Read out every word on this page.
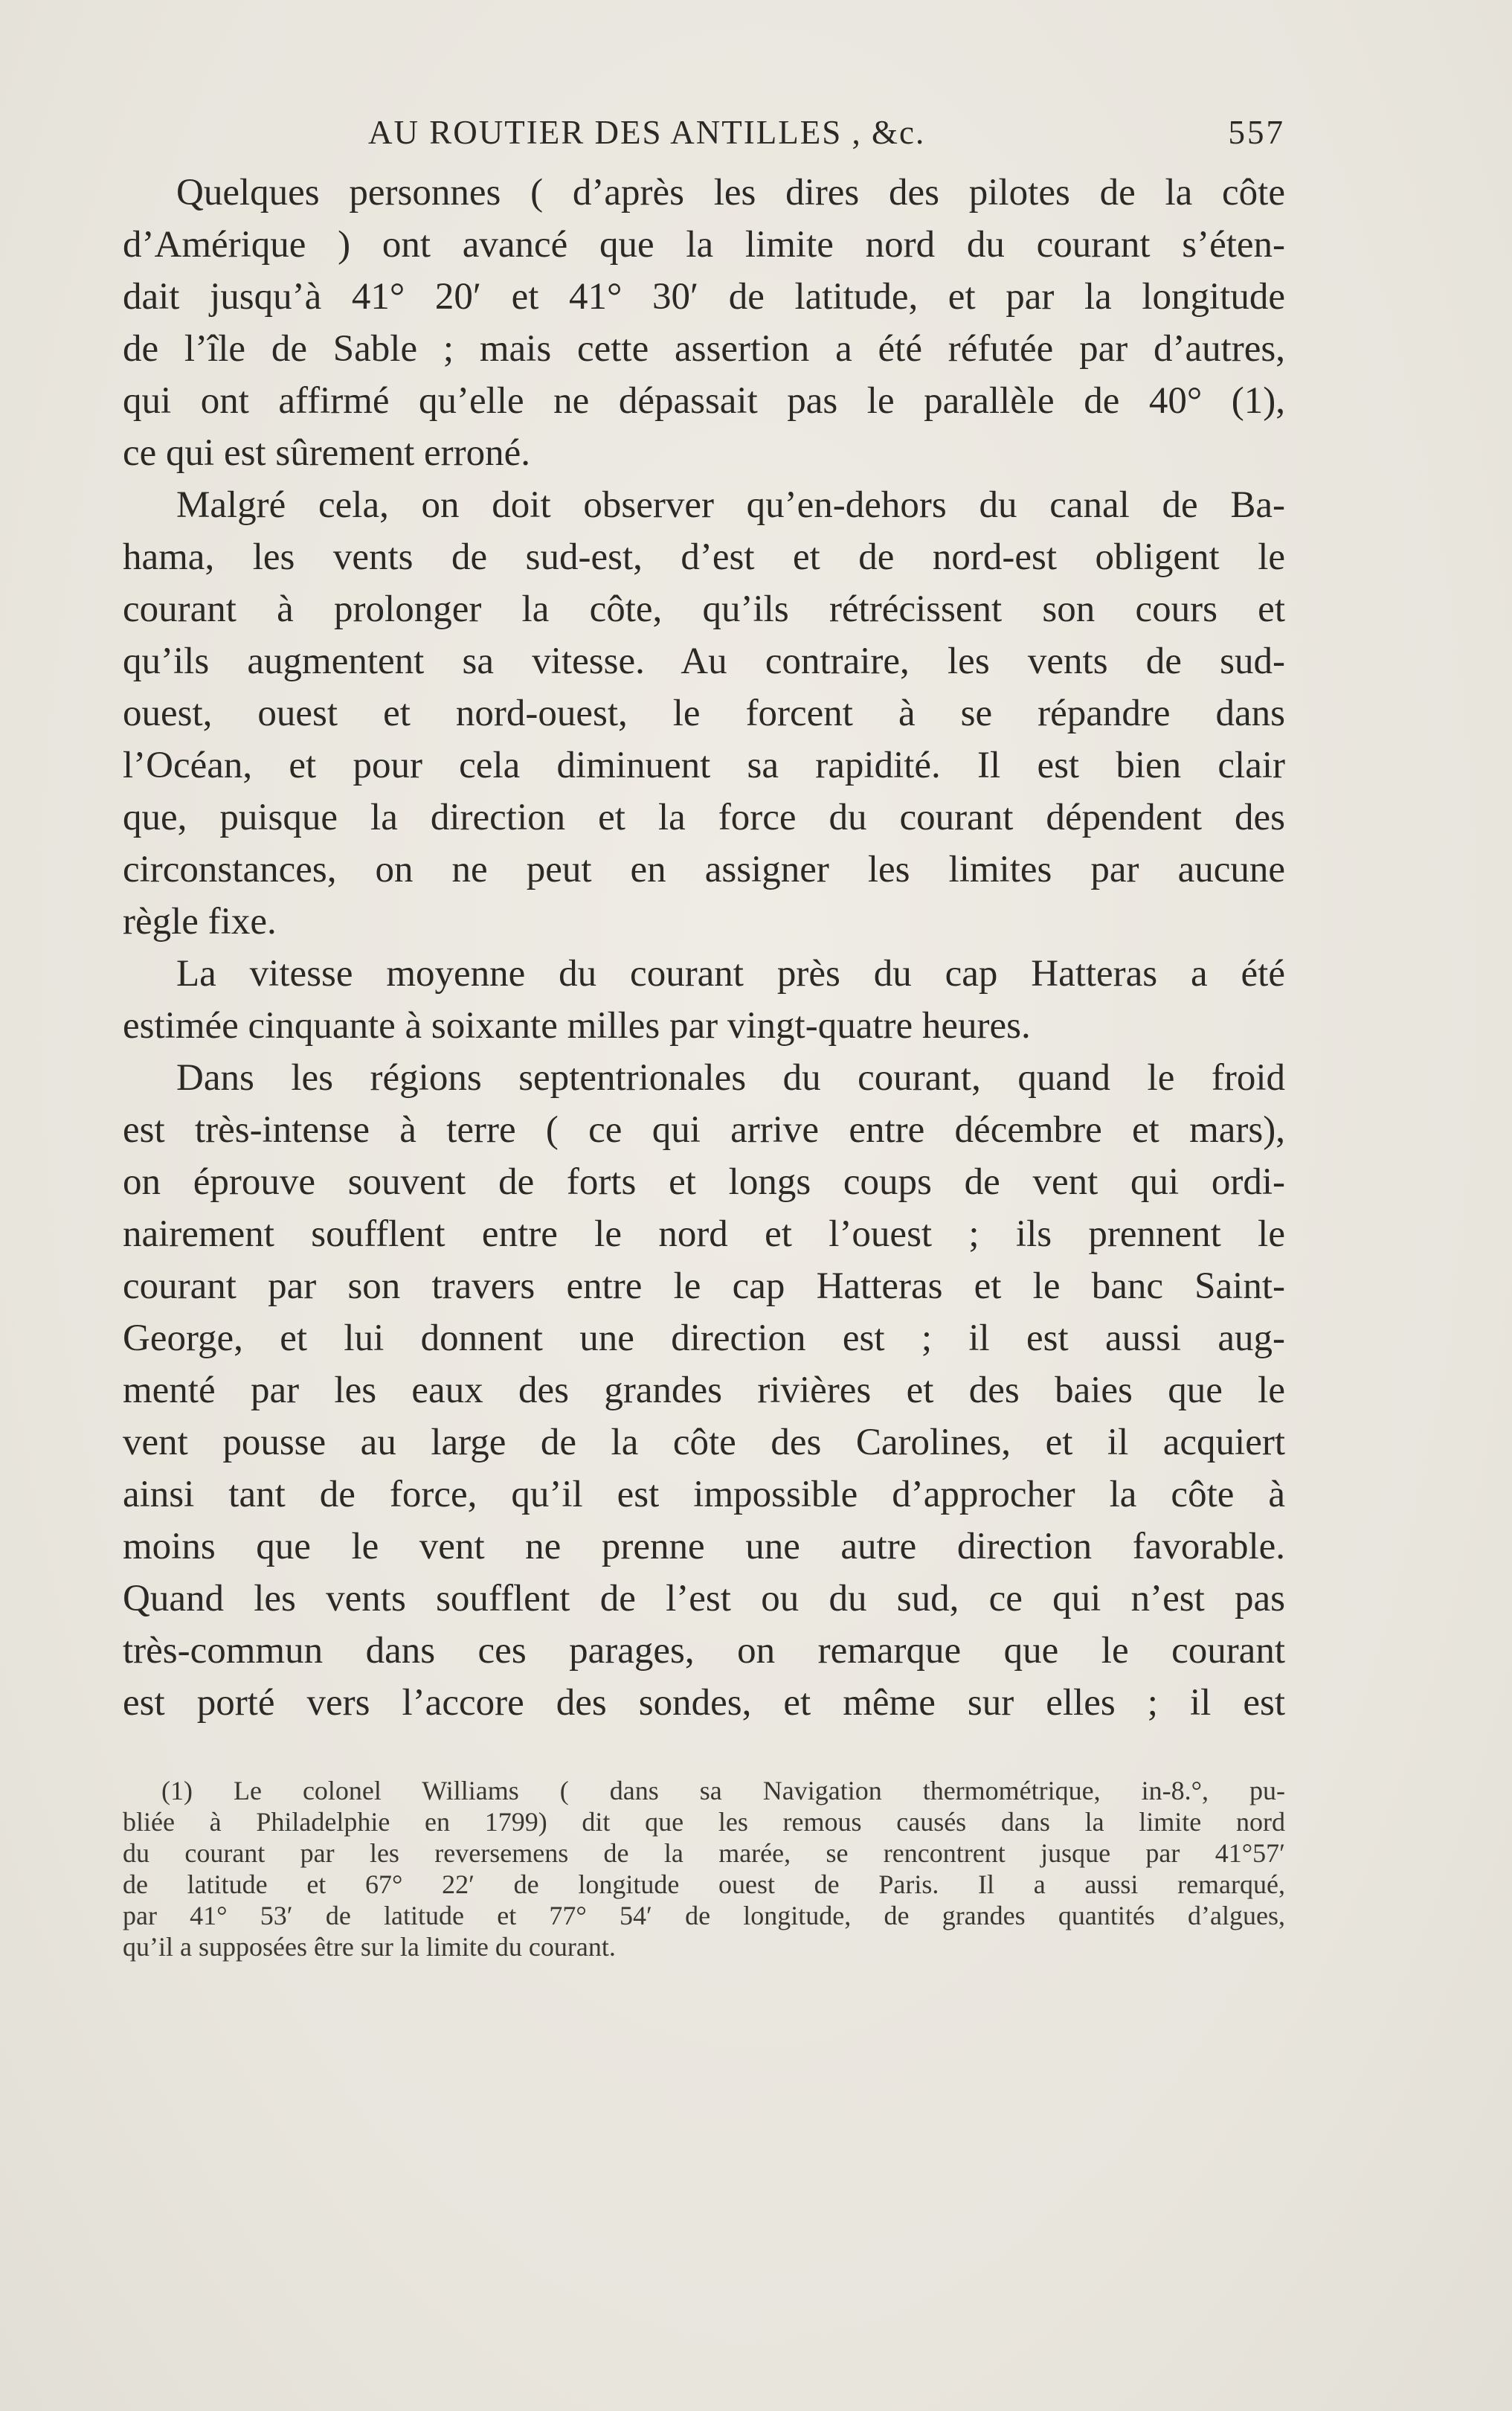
AU ROUTIER DES ANTILLES , &c.	557
Quelques personnes ( d’après les dires des pilotes de la côte
d’Amérique ) ont avancé que la limite nord du courant s’éten-
dait jusqu’à 41° 20′ et 41° 30′ de latitude, et par la longitude
de l’île de Sable ; mais cette assertion a été réfutée par d’autres,
qui ont affirmé qu’elle ne dépassait pas le parallèle de 40° (1),
ce qui est sûrement erroné.
Malgré cela, on doit observer qu’en-dehors du canal de Ba-
hama, les vents de sud-est, d’est et de nord-est obligent le
courant à prolonger la côte, qu’ils rétrécissent son cours et
qu’ils augmentent sa vitesse. Au contraire, les vents de sud-
ouest, ouest et nord-ouest, le forcent à se répandre dans
l’Océan, et pour cela diminuent sa rapidité. Il est bien clair
que, puisque la direction et la force du courant dépendent des
circonstances, on ne peut en assigner les limites par aucune
règle fixe.
La vitesse moyenne du courant près du cap Hatteras a été
estimée cinquante à soixante milles par vingt-quatre heures.
Dans les régions septentrionales du courant, quand le froid
est très-intense à terre ( ce qui arrive entre décembre et mars),
on éprouve souvent de forts et longs coups de vent qui ordi-
nairement soufflent entre le nord et l’ouest ; ils prennent le
courant par son travers entre le cap Hatteras et le banc Saint-
George, et lui donnent une direction est ; il est aussi aug-
menté par les eaux des grandes rivières et des baies que le
vent pousse au large de la côte des Carolines, et il acquiert
ainsi tant de force, qu’il est impossible d’approcher la côte à
moins que le vent ne prenne une autre direction favorable.
Quand les vents soufflent de l’est ou du sud, ce qui n’est pas
très-commun dans ces parages, on remarque que le courant
est porté vers l’accore des sondes, et même sur elles ; il est
(1) Le colonel Williams ( dans sa Navigation thermométrique, in-8.°, pu-
bliée à Philadelphie en 1799) dit que les remous causés dans la limite nord
du courant par les reversemens de la marée, se rencontrent jusque par 41°57′
de latitude et 67° 22′ de longitude ouest de Paris. Il a aussi remarqué,
par 41° 53′ de latitude et 77° 54′ de longitude, de grandes quantités d’algues,
qu’il a supposées être sur la limite du courant.
